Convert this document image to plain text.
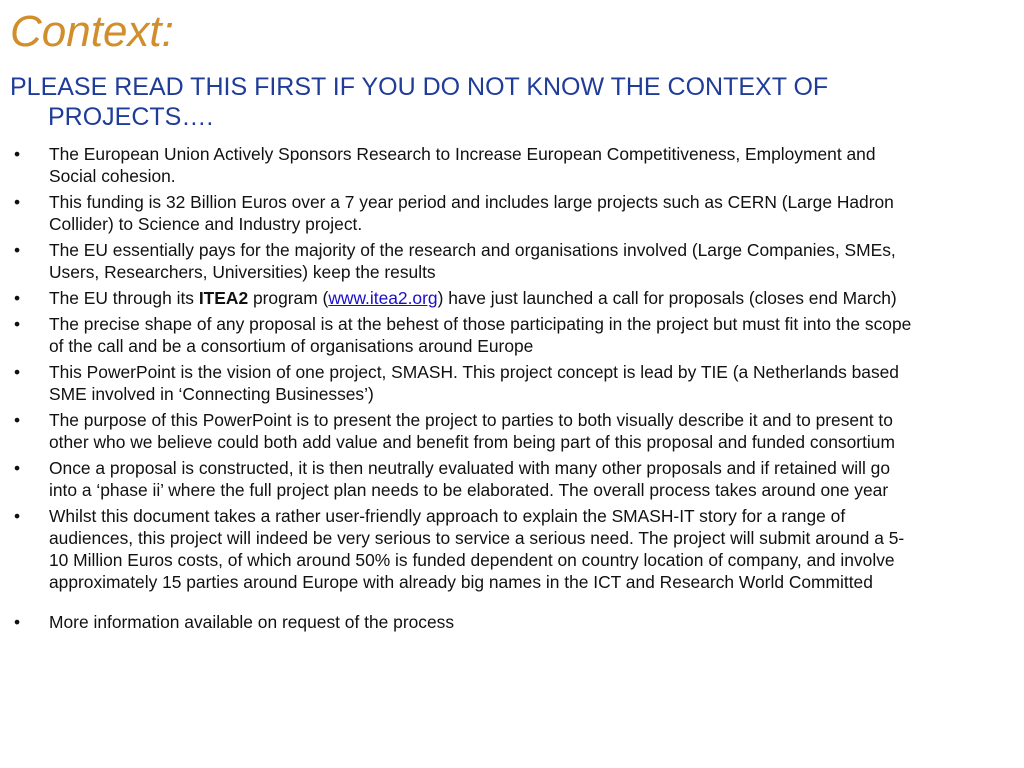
Context:
PLEASE READ THIS FIRST IF YOU DO NOT KNOW THE CONTEXT OF PROJECTS….
• The European Union Actively Sponsors Research to Increase European Competitiveness, Employment and Social cohesion.
• This funding is 32 Billion Euros over a 7 year period and includes large projects such as CERN (Large Hadron Collider) to Science and Industry project.
• The EU essentially pays for the majority of the research and organisations involved (Large Companies, SMEs, Users, Researchers, Universities) keep the results
• The EU through its ITEA2 program (www.itea2.org) have just launched a call for proposals (closes end March)
• The precise shape of any proposal is at the behest of those participating in the project but must fit into the scope of the call and be a consortium of organisations around Europe
• This PowerPoint is the vision of one project, SMASH. This project concept is lead by TIE (a Netherlands based SME involved in ‘Connecting Businesses’)
• The purpose of this PowerPoint is to present the project to parties to both visually describe it and to present to other who we believe could both add value and benefit from being part of this proposal and funded consortium
• Once a proposal is constructed, it is then neutrally evaluated with many other proposals and if retained will go into a ‘phase ii’ where the full project plan needs to be elaborated. The overall process takes around one year
• Whilst this document takes a rather user-friendly approach to explain the SMASH-IT story for a range of audiences, this project will indeed be very serious to service a serious need. The project will submit around a 5-10 Million Euros costs, of which around 50% is funded dependent on country location of company, and involve approximately 15 parties around Europe with already big names in the ICT and Research World Committed
• More information available on request of the process
